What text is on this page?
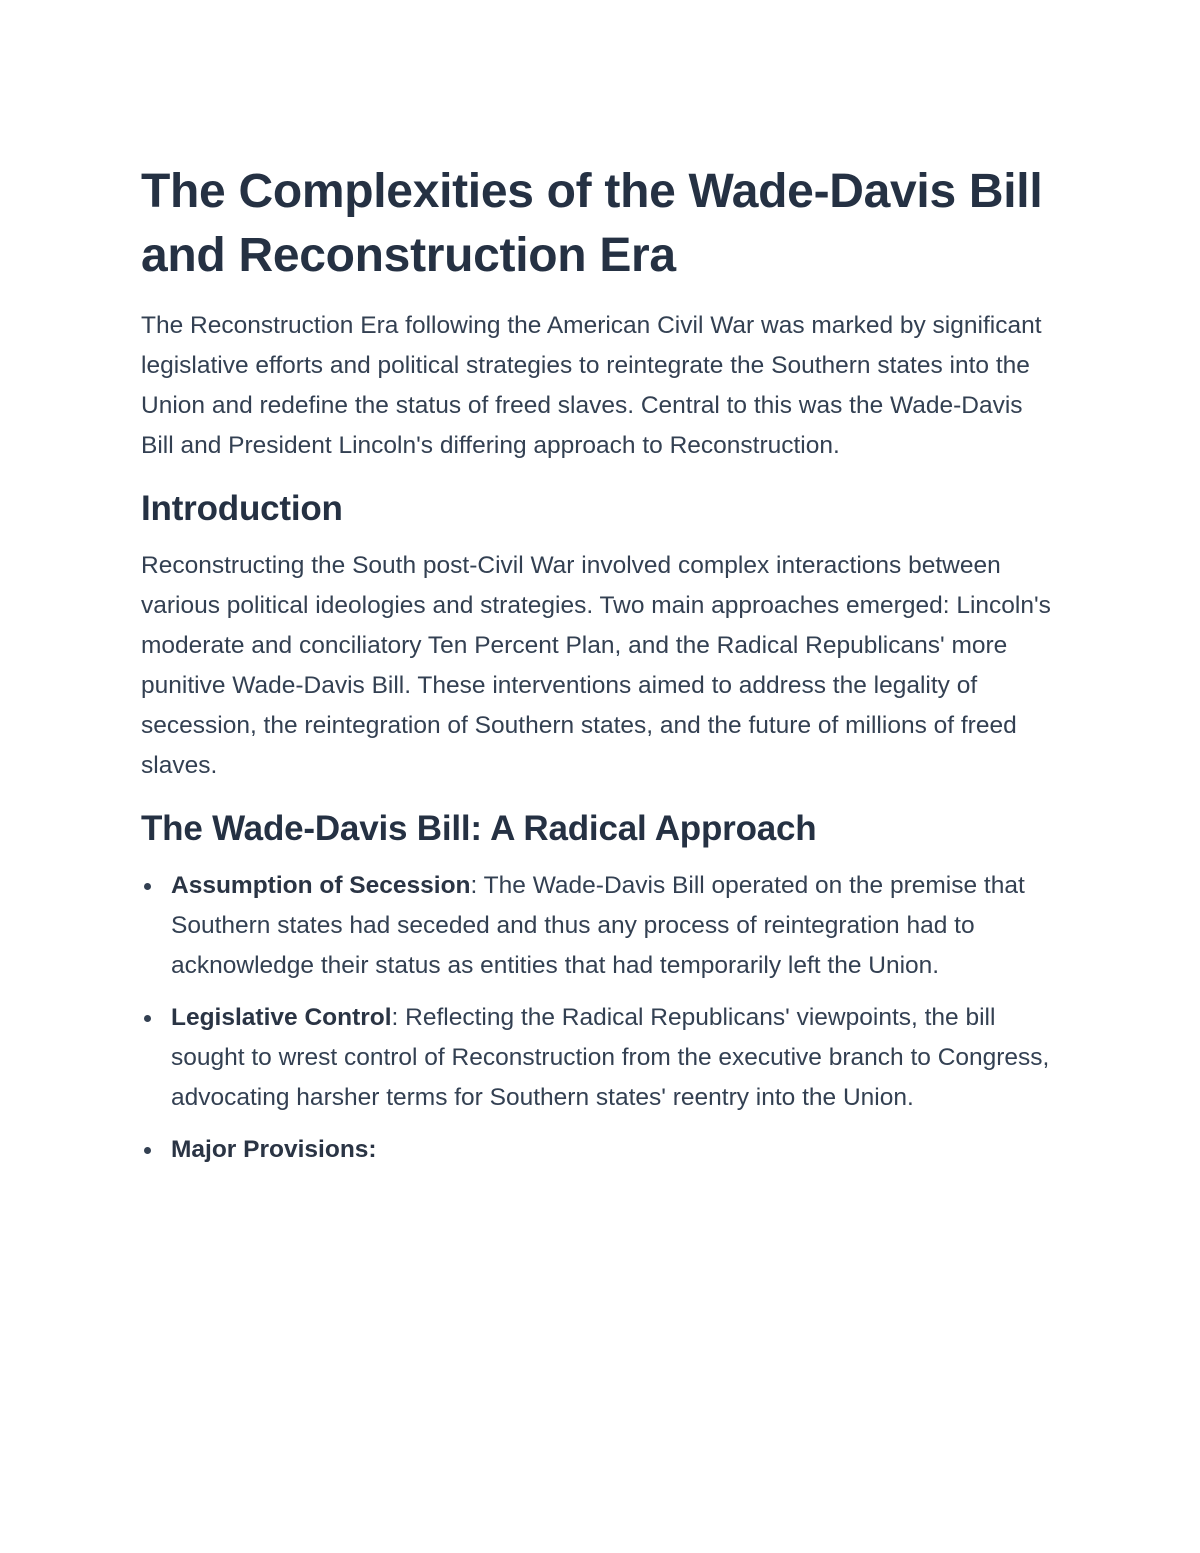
The Complexities of the Wade-Davis Bill and Reconstruction Era

The Reconstruction Era following the American Civil War was marked by significant legislative efforts and political strategies to reintegrate the Southern states into the Union and redefine the status of freed slaves. Central to this was the Wade-Davis Bill and President Lincoln's differing approach to Reconstruction.

Introduction

Reconstructing the South post-Civil War involved complex interactions between various political ideologies and strategies. Two main approaches emerged: Lincoln's moderate and conciliatory Ten Percent Plan, and the Radical Republicans' more punitive Wade-Davis Bill. These interventions aimed to address the legality of secession, the reintegration of Southern states, and the future of millions of freed slaves.

The Wade-Davis Bill: A Radical Approach
Assumption of Secession: The Wade-Davis Bill operated on the premise that Southern states had seceded and thus any process of reintegration had to acknowledge their status as entities that had temporarily left the Union.
Legislative Control: Reflecting the Radical Republicans' viewpoints, the bill sought to wrest control of Reconstruction from the executive branch to Congress, advocating harsher terms for Southern states' reentry into the Union.
Major Provisions:
